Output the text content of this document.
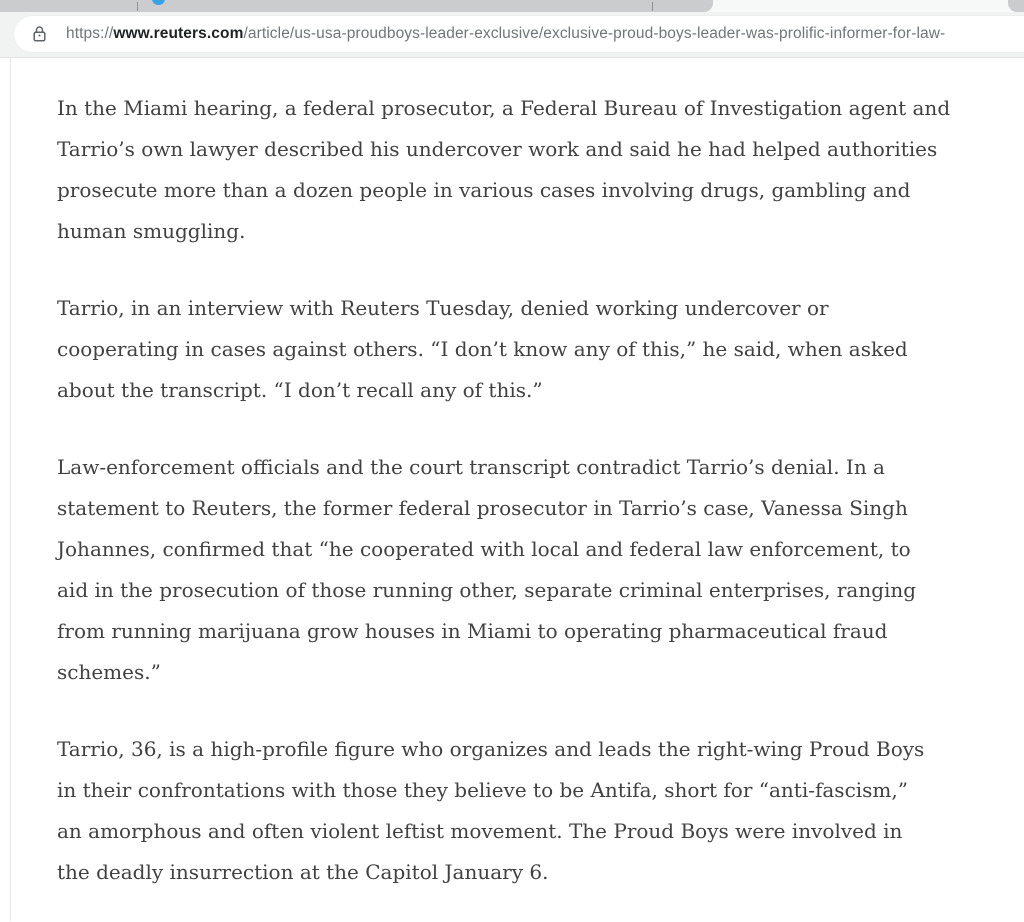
https://www.reuters.com/article/us-usa-proudboys-leader-exclusive/exclusive-proud-boys-leader-was-prolific-informer-for-law-

In the Miami hearing, a federal prosecutor, a Federal Bureau of Investigation agent and
Tarrio’s own lawyer described his undercover work and said he had helped authorities
prosecute more than a dozen people in various cases involving drugs, gambling and
human smuggling.

Tarrio, in an interview with Reuters Tuesday, denied working undercover or
cooperating in cases against others. “I don’t know any of this,” he said, when asked
about the transcript. “I don’t recall any of this.”

Law-enforcement officials and the court transcript contradict Tarrio’s denial. In a
statement to Reuters, the former federal prosecutor in Tarrio’s case, Vanessa Singh
Johannes, confirmed that “he cooperated with local and federal law enforcement, to
aid in the prosecution of those running other, separate criminal enterprises, ranging
from running marijuana grow houses in Miami to operating pharmaceutical fraud
schemes.”

Tarrio, 36, is a high-profile figure who organizes and leads the right-wing Proud Boys
in their confrontations with those they believe to be Antifa, short for “anti-fascism,”
an amorphous and often violent leftist movement. The Proud Boys were involved in
the deadly insurrection at the Capitol January 6.
